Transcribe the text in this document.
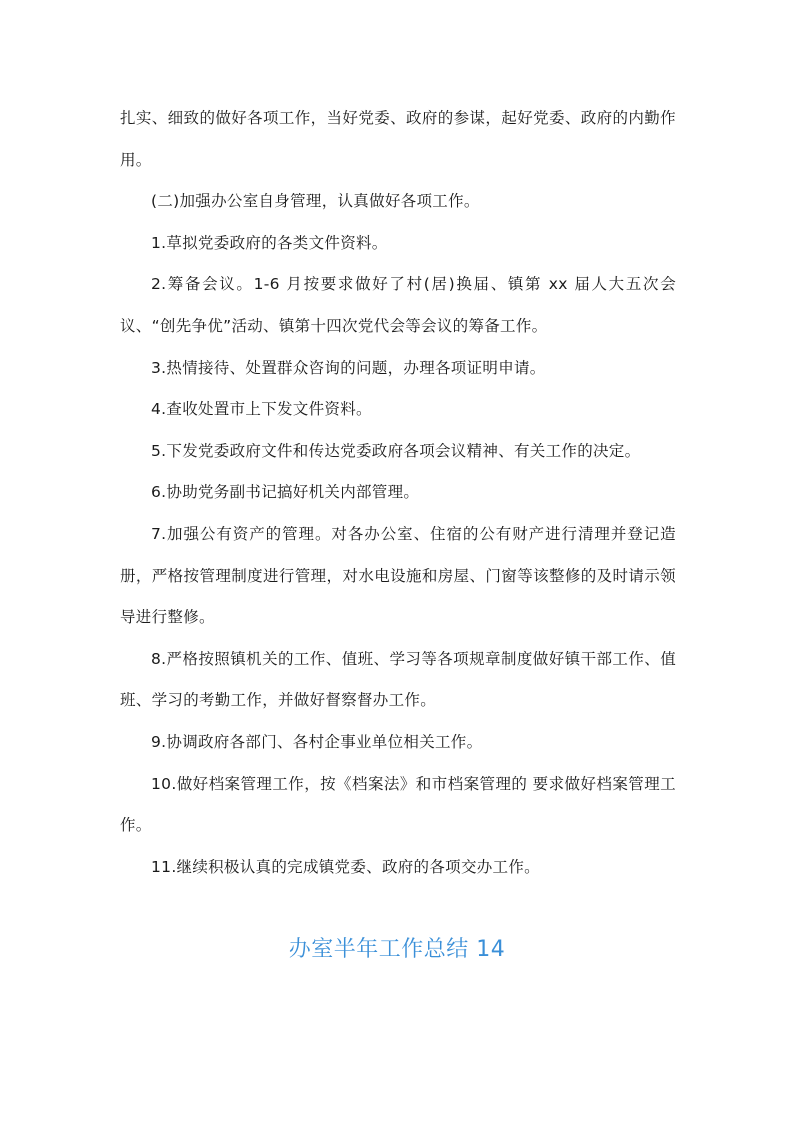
扎实、细致的做好各项工作，当好党委、政府的参谋，起好党委、政府的内勤作用。

(二)加强办公室自身管理，认真做好各项工作。

1.草拟党委政府的各类文件资料。

2.筹备会议。1-6 月按要求做好了村(居)换届、镇第 xx 届人大五次会议、“创先争优”活动、镇第十四次党代会等会议的筹备工作。

3.热情接待、处置群众咨询的问题，办理各项证明申请。

4.查收处置市上下发文件资料。

5.下发党委政府文件和传达党委政府各项会议精神、有关工作的决定。

6.协助党务副书记搞好机关内部管理。

7.加强公有资产的管理。对各办公室、住宿的公有财产进行清理并登记造册，严格按管理制度进行管理，对水电设施和房屋、门窗等该整修的及时请示领导进行整修。

8.严格按照镇机关的工作、值班、学习等各项规章制度做好镇干部工作、值班、学习的考勤工作，并做好督察督办工作。

9.协调政府各部门、各村企事业单位相关工作。

10.做好档案管理工作，按《档案法》和市档案管理的 要求做好档案管理工作。

11.继续积极认真的完成镇党委、政府的各项交办工作。

办室半年工作总结 14
